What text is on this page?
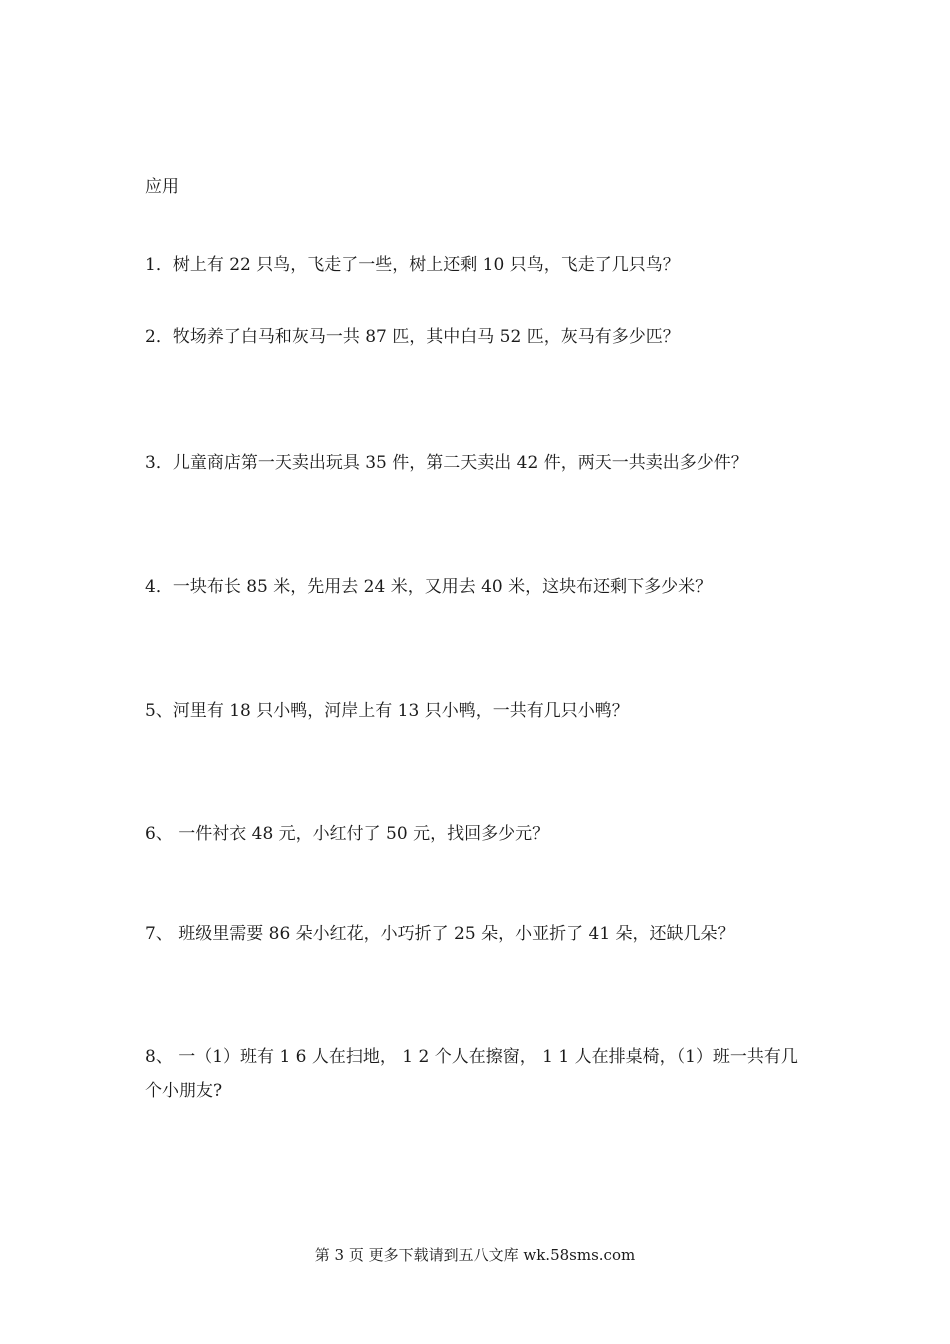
应用
1．树上有 22 只鸟，飞走了一些，树上还剩 10 只鸟，飞走了几只鸟？
2．牧场养了白马和灰马一共 87 匹，其中白马 52 匹，灰马有多少匹？
3．儿童商店第一天卖出玩具 35 件，第二天卖出 42 件，两天一共卖出多少件？
4．一块布长 85 米，先用去 24 米，又用去 40 米，这块布还剩下多少米？
5、河里有 18 只小鸭，河岸上有 13 只小鸭，一共有几只小鸭？
6、 一件衬衣 48 元，小红付了 50 元，找回多少元？
7、 班级里需要 86 朵小红花，小巧折了 25 朵，小亚折了 41 朵，还缺几朵？
8、 一（1）班有 1 6 人在扫地， 1 2 个人在擦窗， 1 1 人在排桌椅，（1）班一共有几个小朋友?
第 3 页 更多下载请到五八文库 wk.58sms.com
